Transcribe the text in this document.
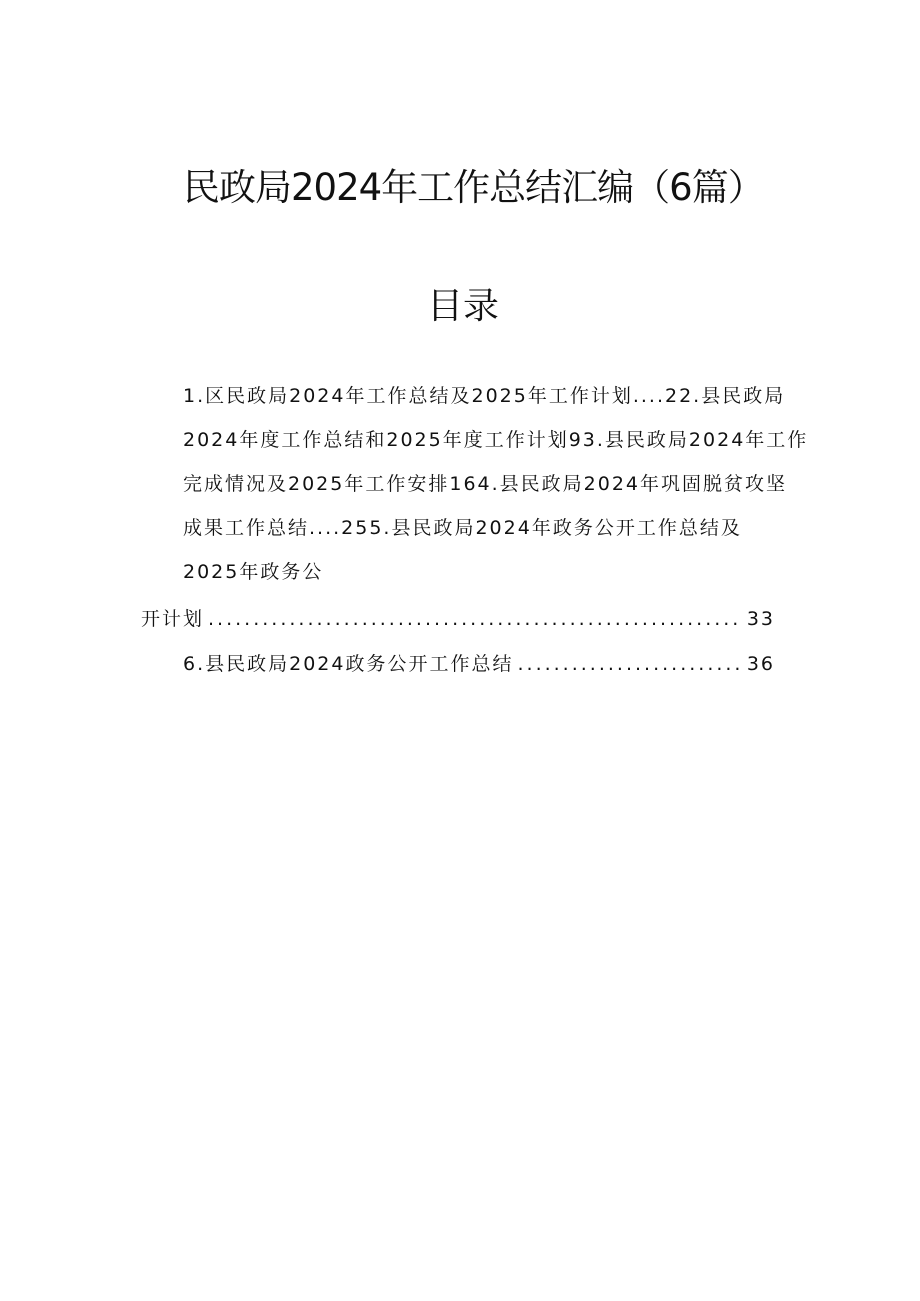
民政局2024年工作总结汇编（6篇）
目录
1.区民政局2024年工作总结及2025年工作计划....22.县民政局
2024年度工作总结和2025年度工作计划93.县民政局2024年工作
完成情况及2025年工作安排164.县民政局2024年巩固脱贫攻坚
成果工作总结....255.县民政局2024年政务公开工作总结及
2025年政务公
开计划 .....	33
6.县民政局2024政务公开工作总结 .....	36
